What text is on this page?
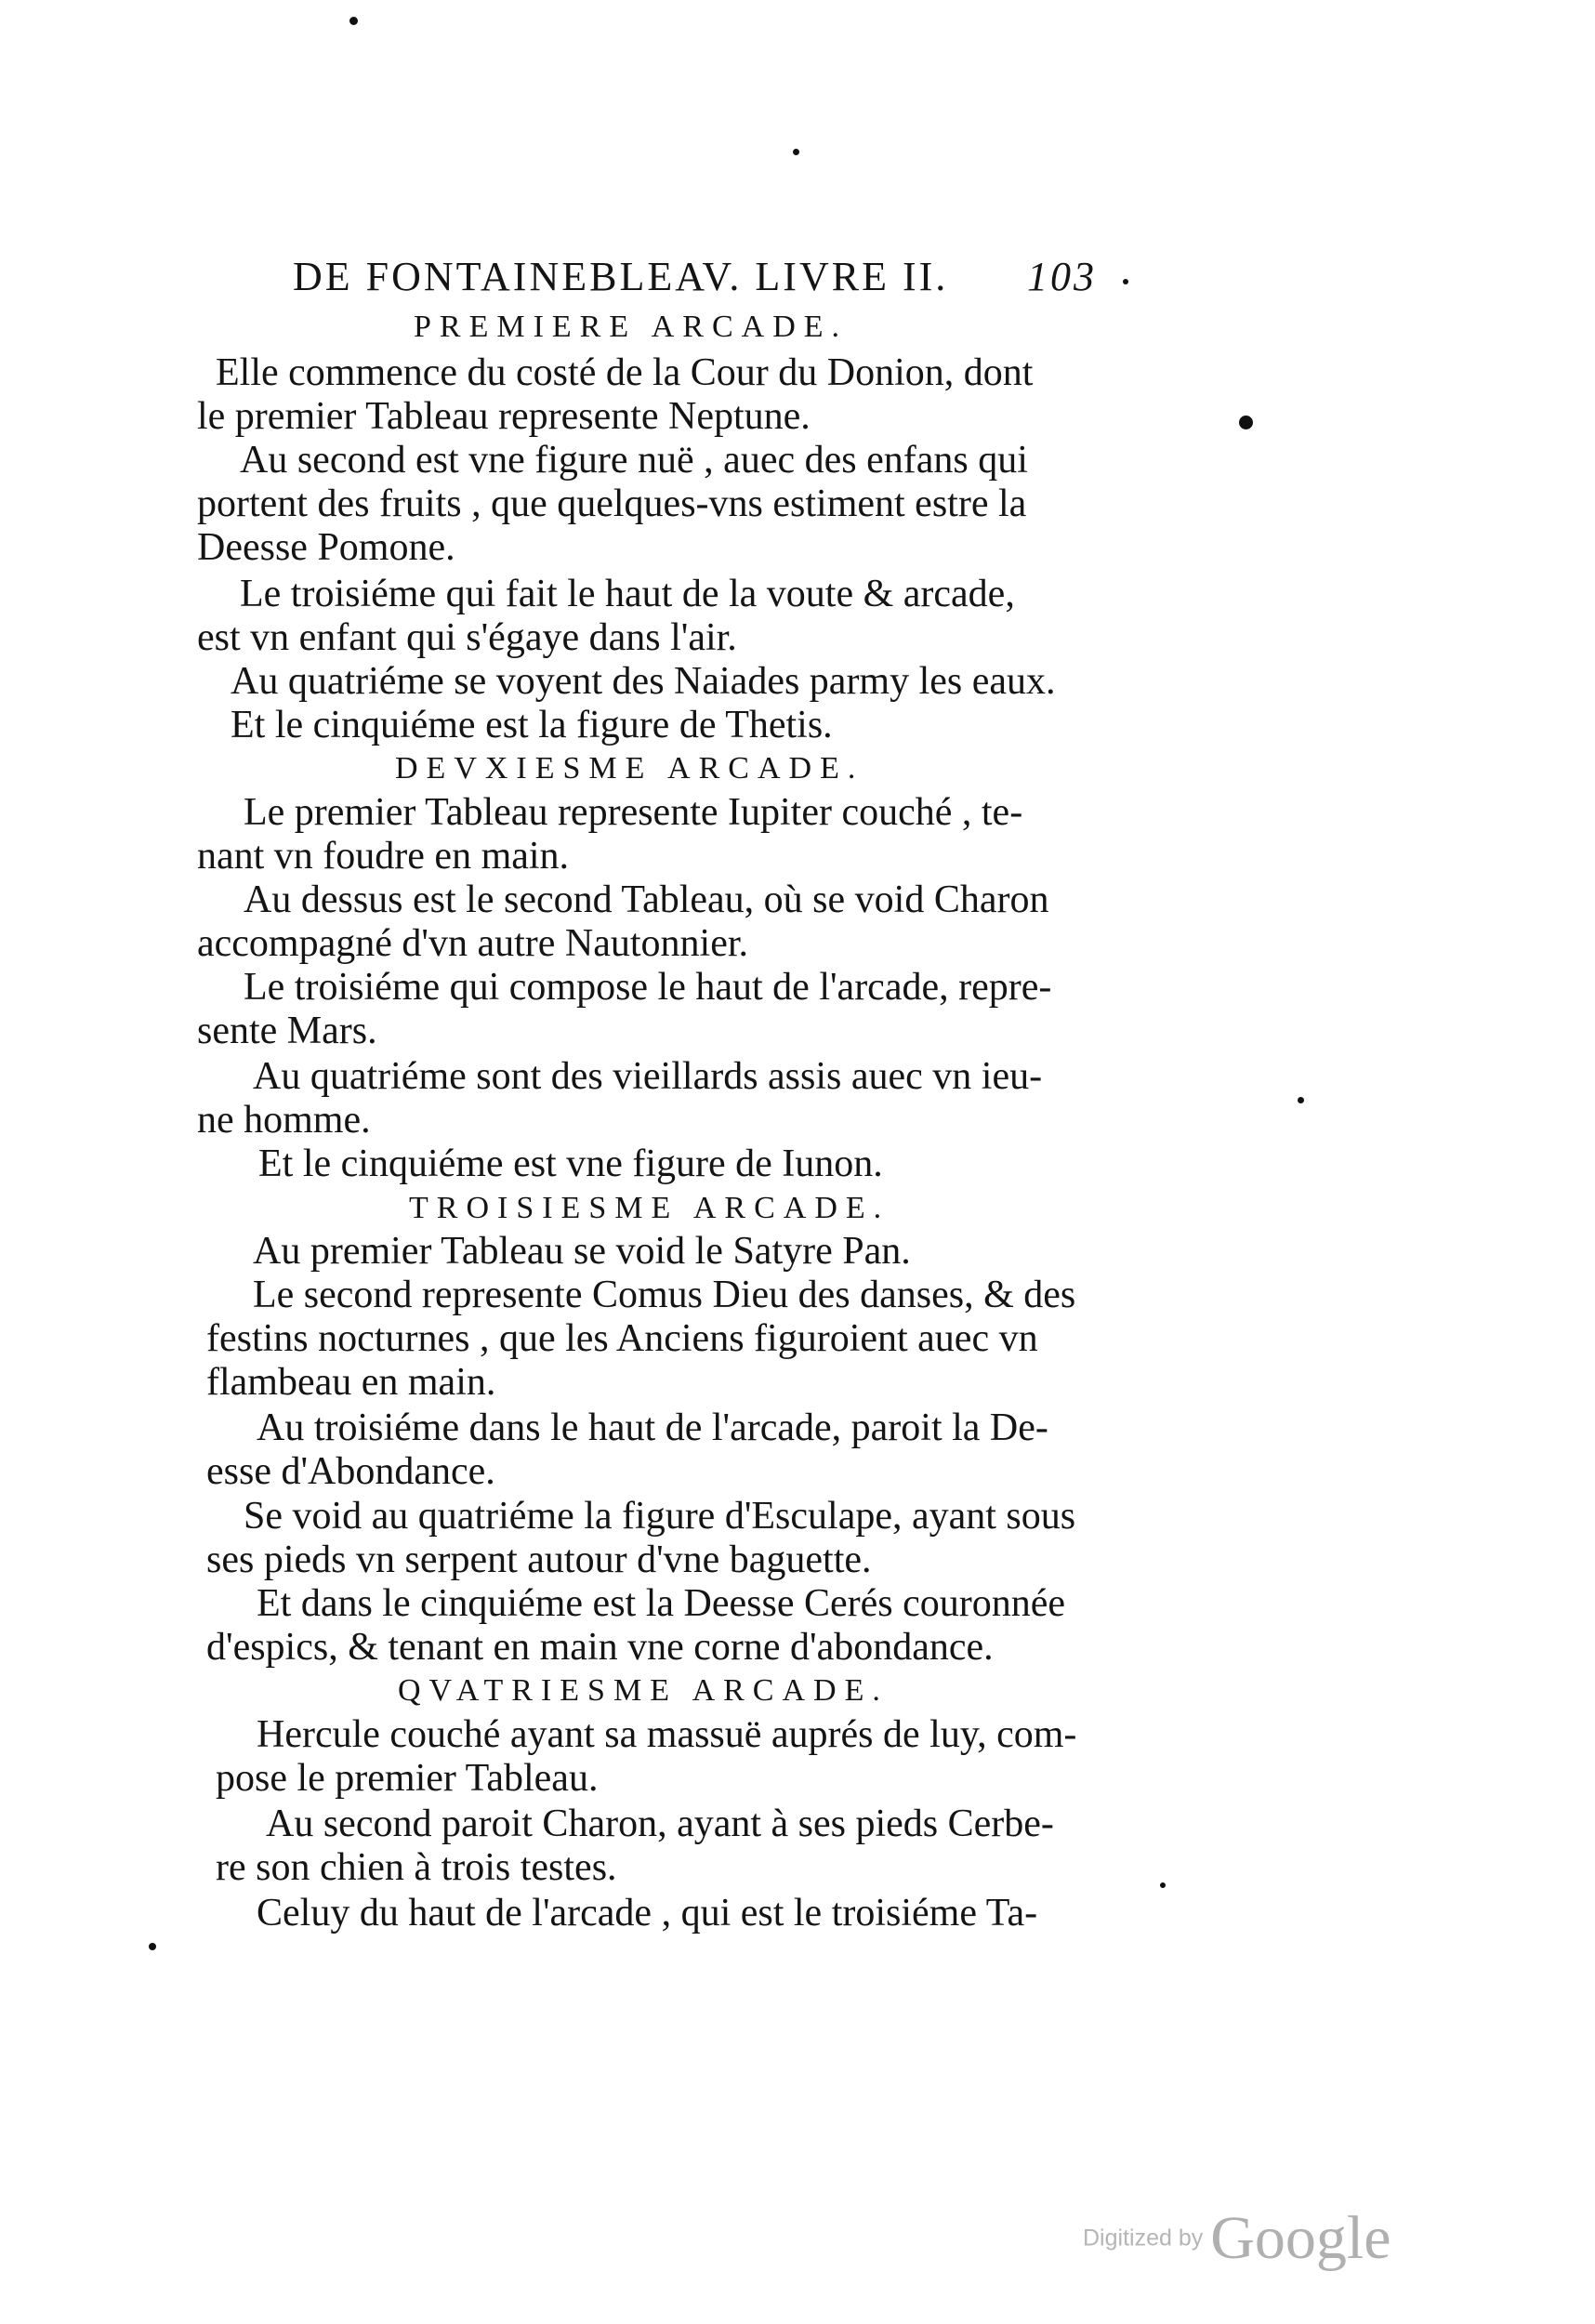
DE FONTAINEBLEAV. LIVRE II. 103
PREMIERE ARCADE.
Elle commence du costé de la Cour du Donion, dont
le premier Tableau represente Neptune.
Au second est vne figure nuë , auec des enfans qui
portent des fruits , que quelques-vns estiment estre la
Deesse Pomone.
Le troisiéme qui fait le haut de la voute & arcade,
est vn enfant qui s'égaye dans l'air.
Au quatriéme se voyent des Naiades parmy les eaux.
Et le cinquiéme est la figure de Thetis.
DEVXIESME ARCADE.
Le premier Tableau represente Iupiter couché , te-
nant vn foudre en main.
Au dessus est le second Tableau, où se void Charon
accompagné d'vn autre Nautonnier.
Le troisiéme qui compose le haut de l'arcade, repre-
sente Mars.
Au quatriéme sont des vieillards assis auec vn ieu-
ne homme.
Et le cinquiéme est vne figure de Iunon.
TROISIESME ARCADE.
Au premier Tableau se void le Satyre Pan.
Le second represente Comus Dieu des danses, & des
festins nocturnes , que les Anciens figuroient auec vn
flambeau en main.
Au troisiéme dans le haut de l'arcade, paroit la De-
esse d'Abondance.
Se void au quatriéme la figure d'Esculape, ayant sous
ses pieds vn serpent autour d'vne baguette.
Et dans le cinquiéme est la Deesse Cerés couronnée
d'espics, & tenant en main vne corne d'abondance.
QVATRIESME ARCADE.
Hercule couché ayant sa massuë auprés de luy, com-
pose le premier Tableau.
Au second paroit Charon, ayant à ses pieds Cerbe-
re son chien à trois testes.
Celuy du haut de l'arcade , qui est le troisiéme Ta-
Digitized by Google
